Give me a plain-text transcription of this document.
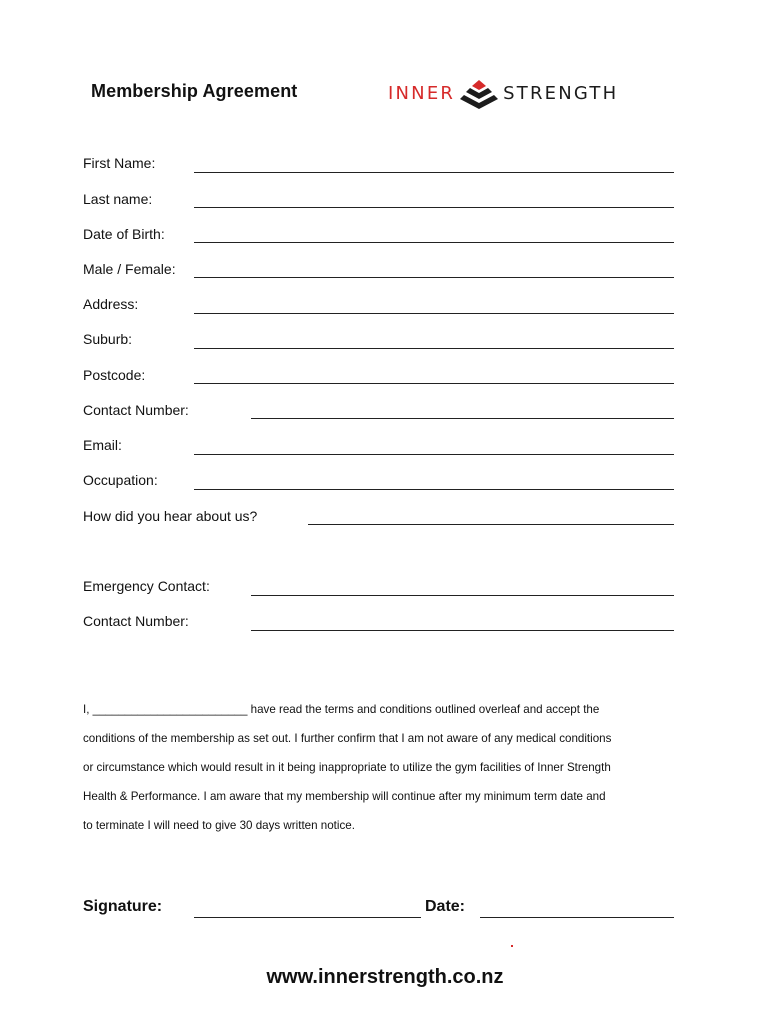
Membership Agreement	INNER	STRENGTH
First Name:
Last name:
Date of Birth:
Male / Female:
Address:
Suburb:
Postcode:
Contact Number:
Email:
Occupation:
How did you hear about us?
Emergency Contact:
Contact Number:

I, ________________________ have read the terms and conditions outlined overleaf and accept the

conditions of the membership as set out. I further confirm that I am not aware of any medical conditions

or circumstance which would result in it being inappropriate to utilize the gym facilities of Inner Strength

Health & Performance. I am aware that my membership will continue after my minimum term date and

to terminate I will need to give 30 days written notice.

Signature:	Date:
www.innerstrength.co.nz
